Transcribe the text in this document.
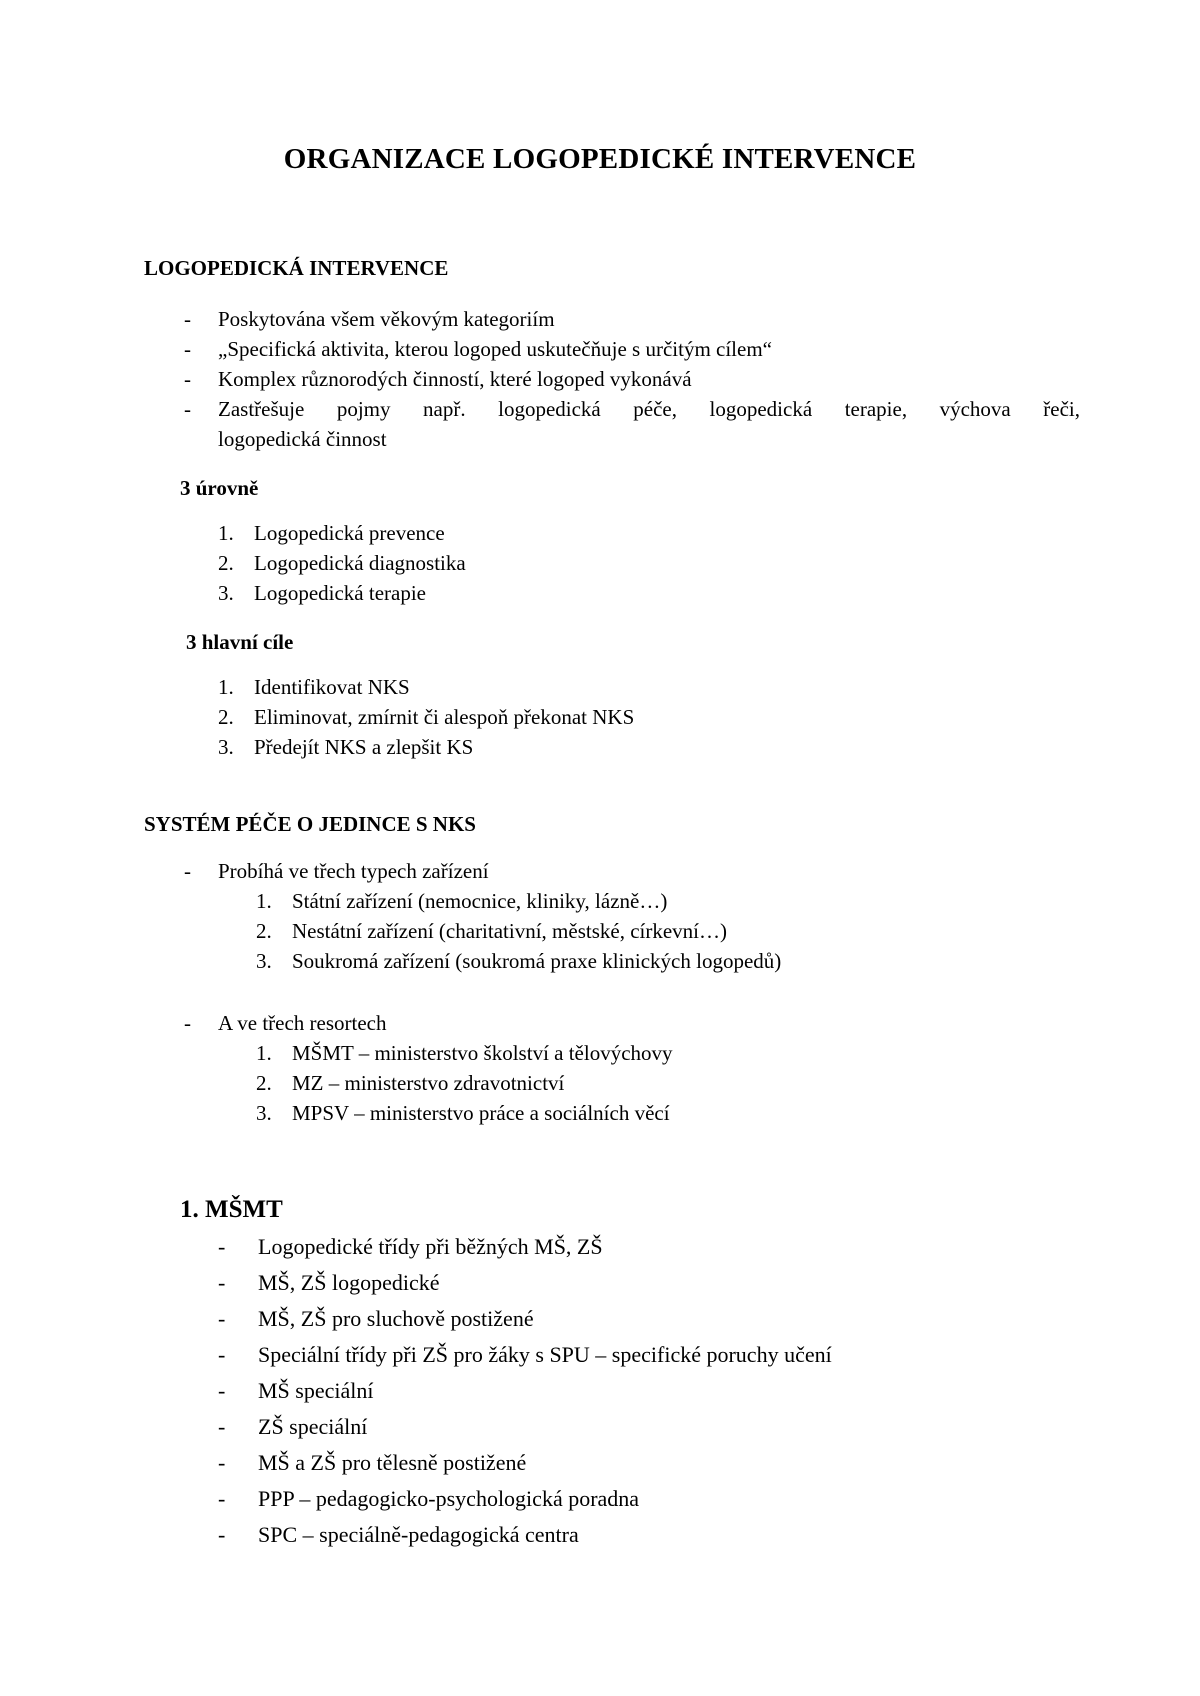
ORGANIZACE LOGOPEDICKÉ INTERVENCE
LOGOPEDICKÁ INTERVENCE
- Poskytována všem věkovým kategoriím
- „Specifická aktivita, kterou logoped uskutečňuje s určitým cílem“
- Komplex různorodých činností, které logoped vykonává
- Zastřešuje pojmy např. logopedická péče, logopedická terapie, výchova řeči,
logopedická činnost
3 úrovně
1. Logopedická prevence
2. Logopedická diagnostika
3. Logopedická terapie
3 hlavní cíle
1. Identifikovat NKS
2. Eliminovat, zmírnit či alespoň překonat NKS
3. Předejít NKS a zlepšit KS
SYSTÉM PÉČE O JEDINCE S NKS
- Probíhá ve třech typech zařízení
1. Státní zařízení (nemocnice, kliniky, lázně…)
2. Nestátní zařízení (charitativní, městské, církevní…)
3. Soukromá zařízení (soukromá praxe klinických logopedů)
- A ve třech resortech
1. MŠMT – ministerstvo školství a tělovýchovy
2. MZ – ministerstvo zdravotnictví
3. MPSV – ministerstvo práce a sociálních věcí
1. MŠMT
- Logopedické třídy při běžných MŠ, ZŠ
- MŠ, ZŠ logopedické
- MŠ, ZŠ pro sluchově postižené
- Speciální třídy při ZŠ pro žáky s SPU – specifické poruchy učení
- MŠ speciální
- ZŠ speciální
- MŠ a ZŠ pro tělesně postižené
- PPP – pedagogicko-psychologická poradna
- SPC – speciálně-pedagogická centra
